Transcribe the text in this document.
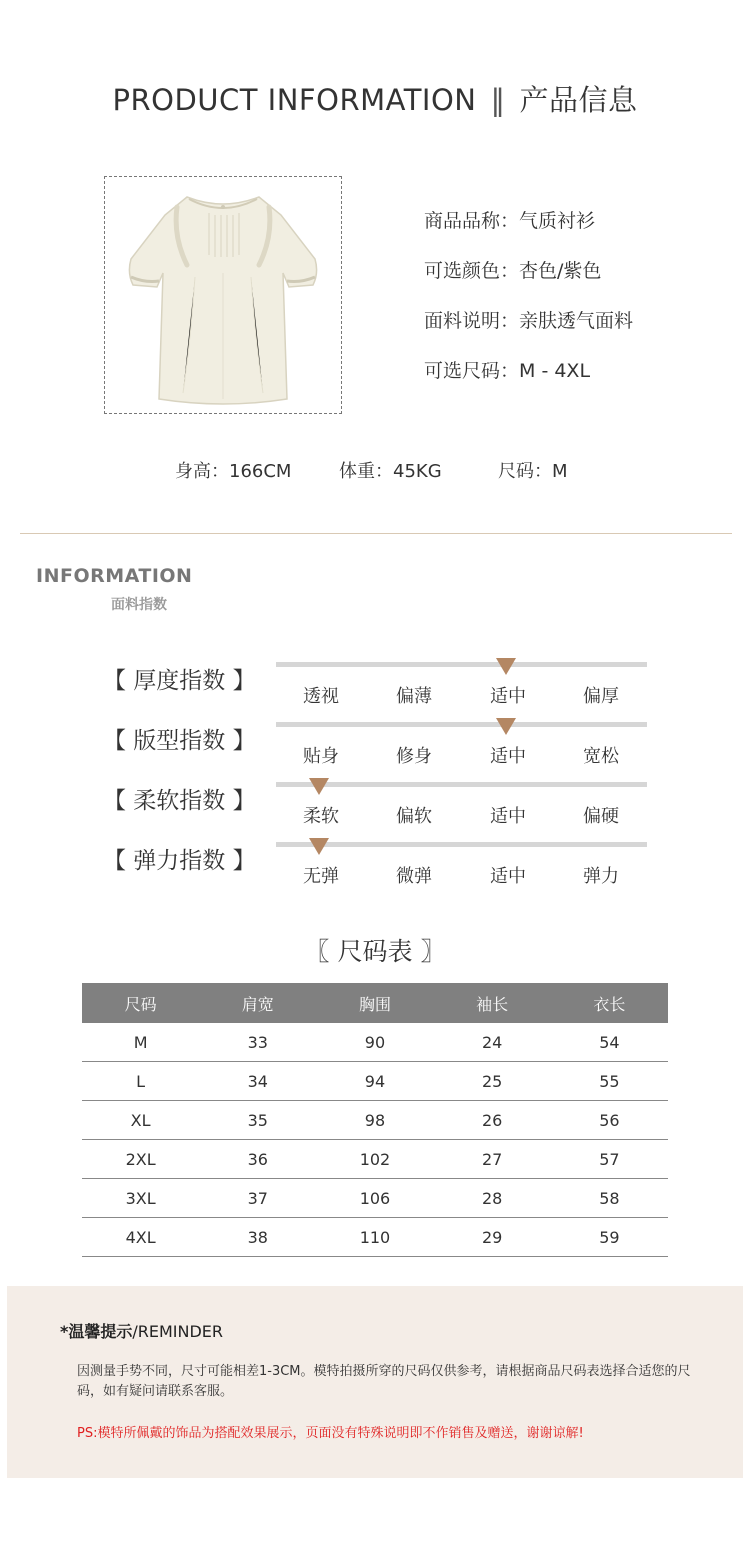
PRODUCT INFORMATION ‖ 产品信息
商品品称：气质衬衫
可选颜色：杏色/紫色
面料说明：亲肤透气面料
可选尺码：M - 4XL
身高：166CM	体重：45KG	尺码：M
INFORMATION
面料指数
【 厚度指数 】
透视	偏薄	适中	偏厚
【 版型指数 】
贴身	修身	适中	宽松
【 柔软指数 】
柔软	偏软	适中	偏硬
【 弹力指数 】
无弹	微弹	适中	弹力
〖 尺码表 〗
尺码	肩宽	胸围	袖长	衣长
M	33	90	24	54
L	34	94	25	55
XL	35	98	26	56
2XL	36	102	27	57
3XL	37	106	28	58
4XL	38	110	29	59
*温馨提示/REMINDER
因测量手势不同，尺寸可能相差1-3CM。模特拍摄所穿的尺码仅供参考，请根据商品尺码表选择合适您的尺码，如有疑问请联系客服。
PS:模特所佩戴的饰品为搭配效果展示，页面没有特殊说明即不作销售及赠送，谢谢谅解!
